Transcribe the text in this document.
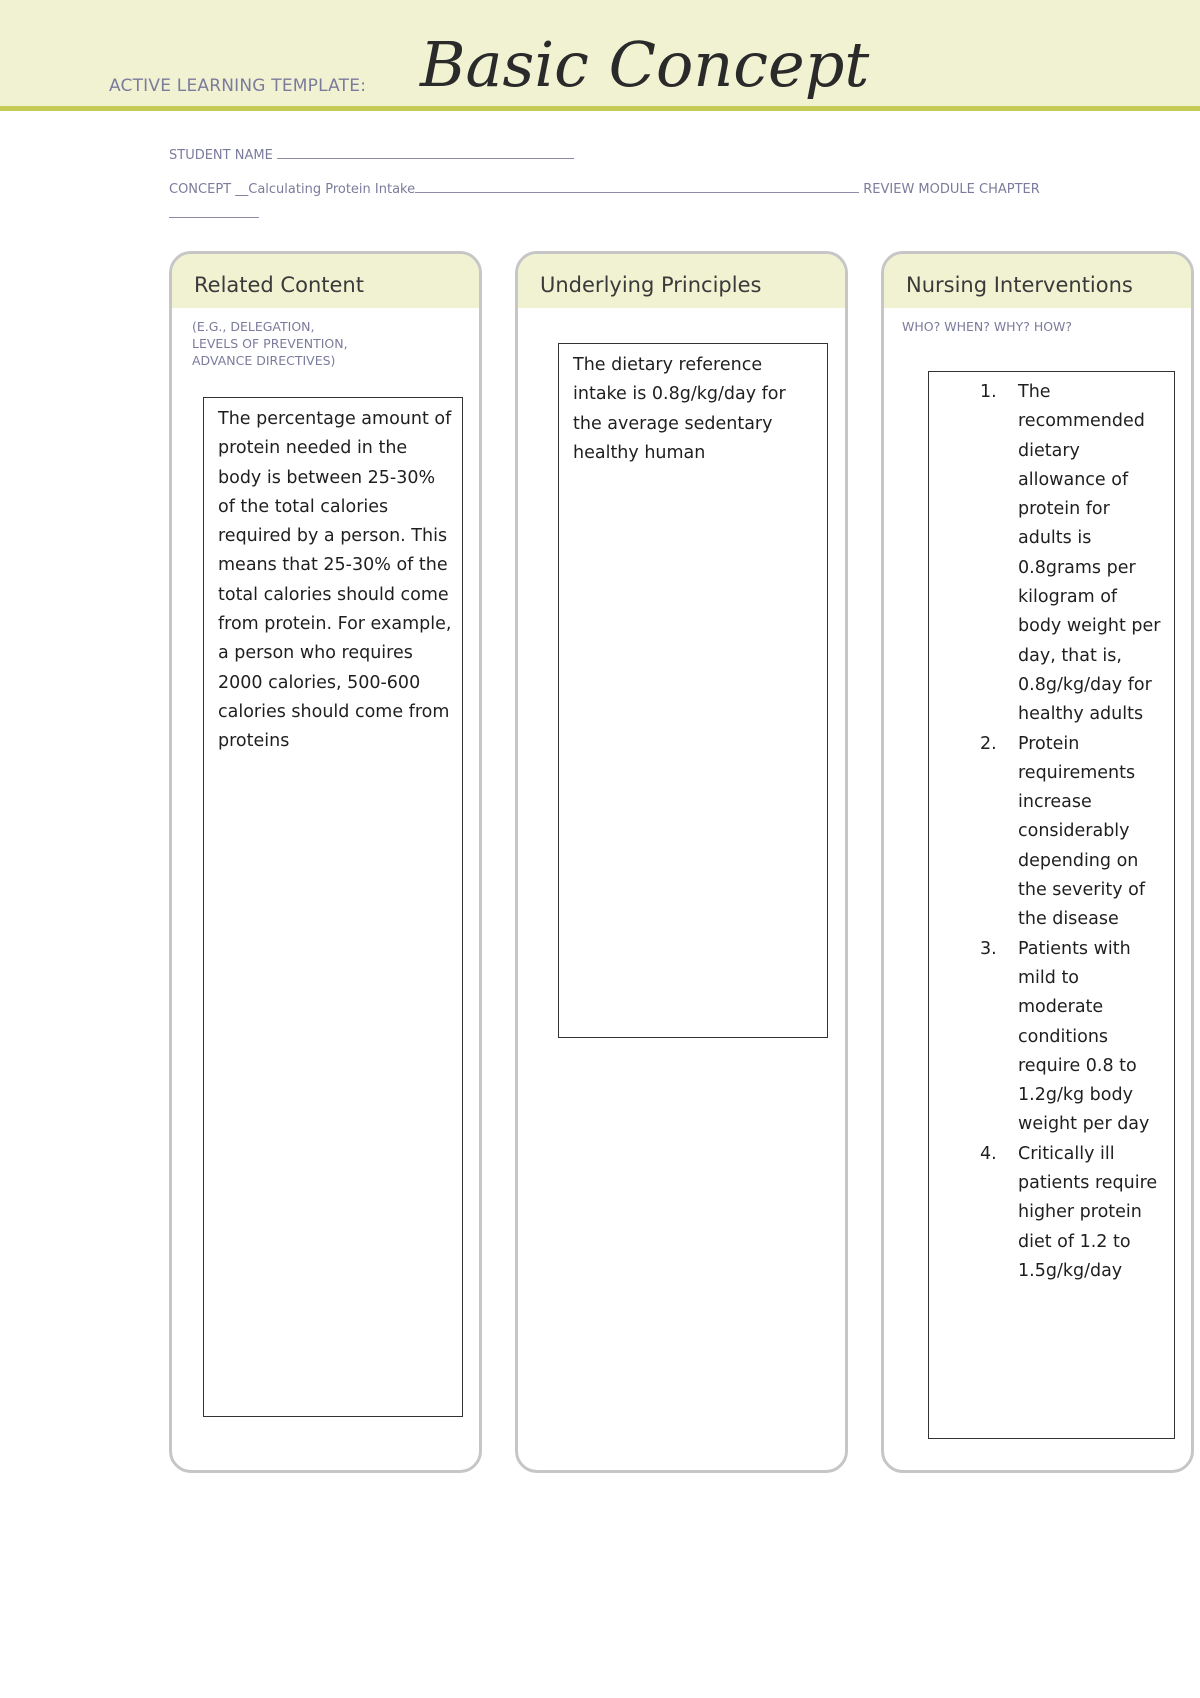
ACTIVE LEARNING TEMPLATE: Basic Concept
STUDENT NAME
CONCEPT __Calculating Protein Intake	REVIEW MODULE CHAPTER
Related Content
(E.G., DELEGATION,
LEVELS OF PREVENTION,
ADVANCE DIRECTIVES)

The percentage amount of protein needed in the body is between 25-30% of the total calories required by a person. This means that 25-30% of the total calories should come from protein. For example, a person who requires 2000 calories, 500-600 calories should come from proteins

Underlying Principles

The dietary reference intake is 0.8g/kg/day for the average sedentary healthy human

Nursing Interventions
WHO? WHEN? WHY? HOW?
1.	The recommended dietary allowance of protein for adults is 0.8grams per kilogram of body weight per day, that is, 0.8g/kg/day for healthy adults
2.	Protein requirements increase considerably depending on the severity of the disease
3.	Patients with mild to moderate conditions require 0.8 to 1.2g/kg body weight per day
4.	Critically ill patients require higher protein diet of 1.2 to 1.5g/kg/day
